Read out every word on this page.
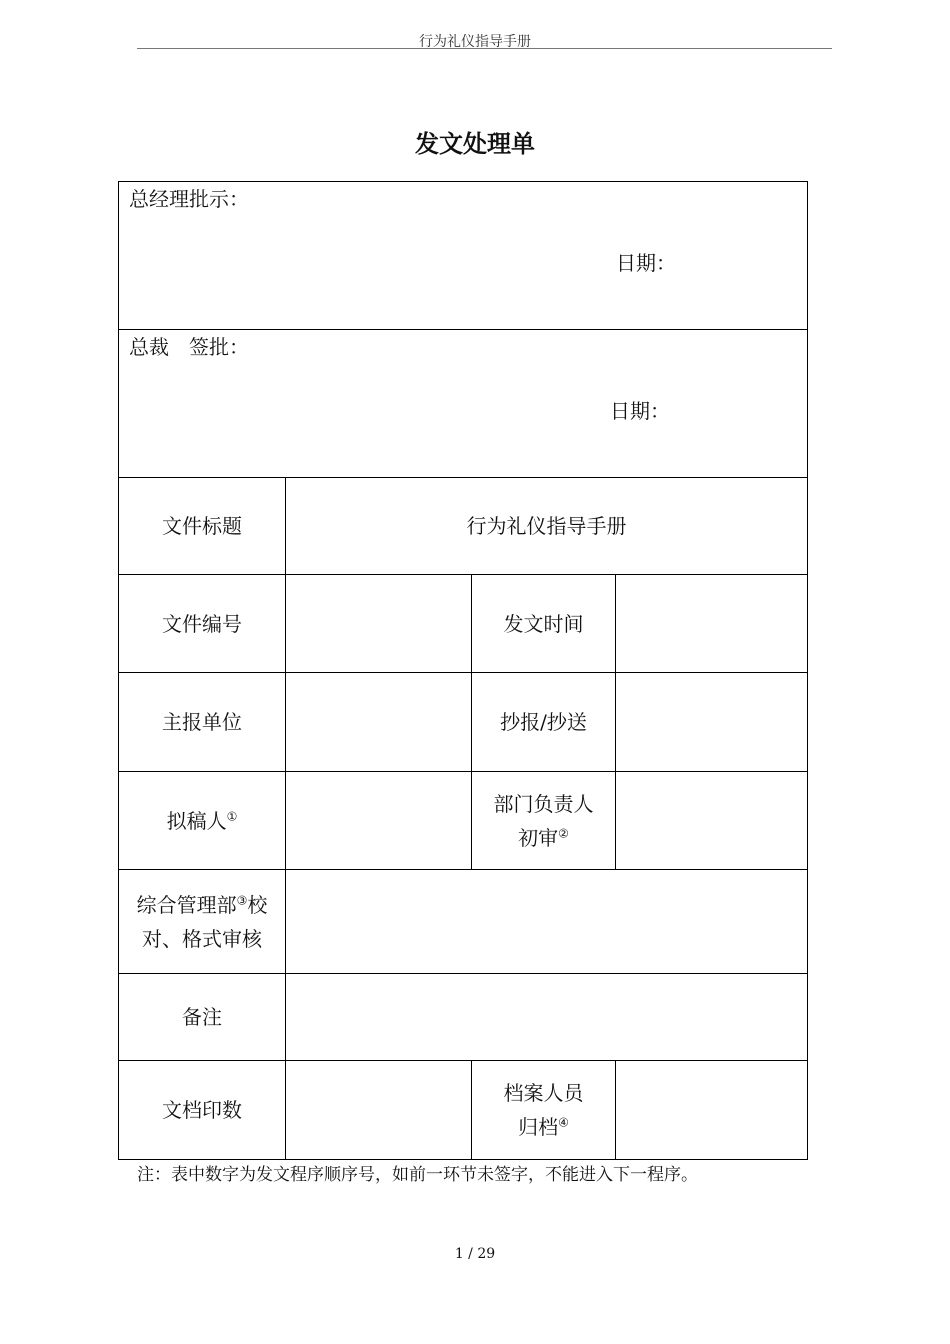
行为礼仪指导手册
发文处理单
总经理批示：
日期：			

总裁　签批：
日期：			

文件标题	行为礼仪指导手册		
文件编号		发文时间	
主报单位		抄报/抄送	
拟稿人①		部门负责人初审②	
综合管理部③校对、格式审核			
备注			
文档印数		档案人员归档④	
注：表中数字为发文程序顺序号，如前一环节未签字，不能进入下一程序。
1 / 29
